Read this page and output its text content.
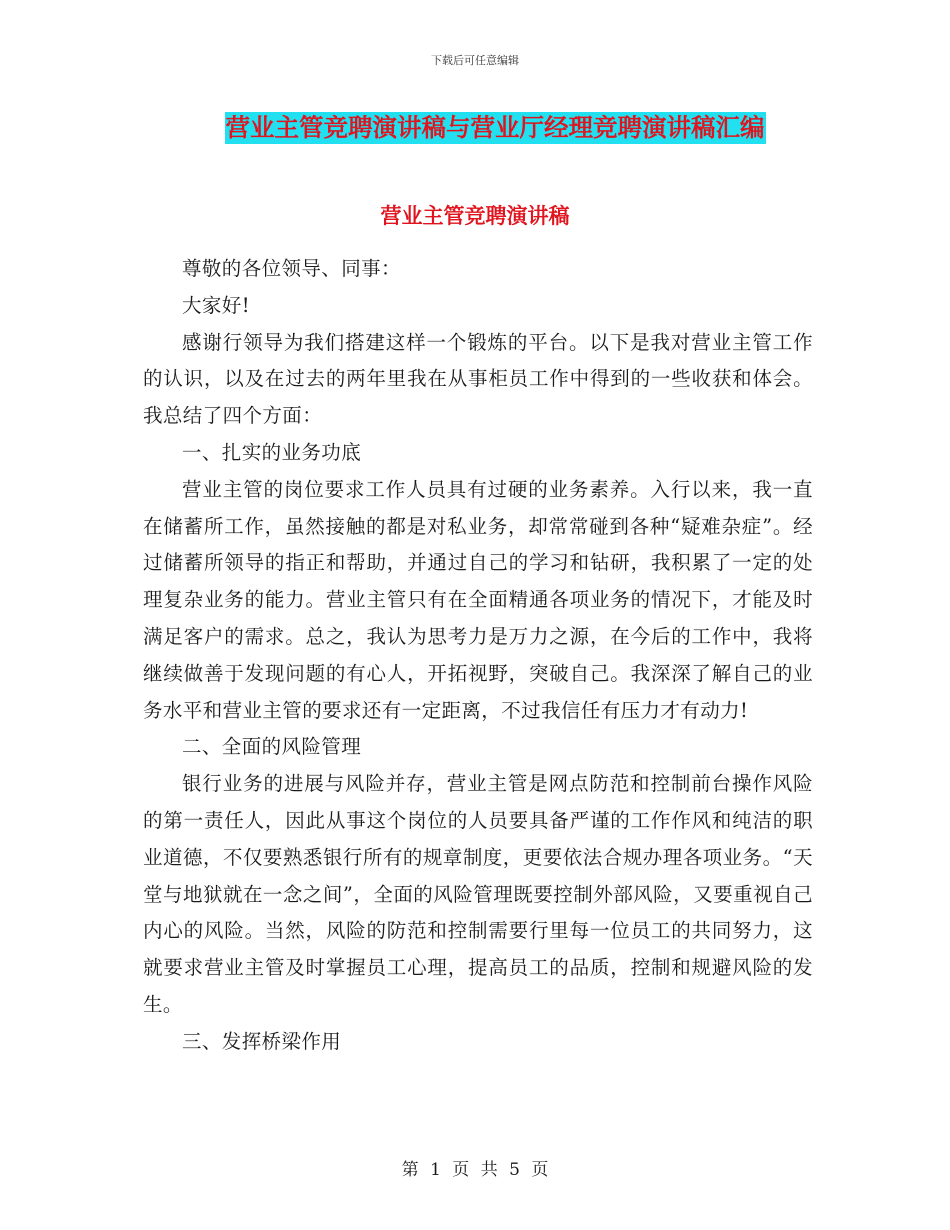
下载后可任意编辑
营业主管竞聘演讲稿与营业厅经理竞聘演讲稿汇编
营业主管竞聘演讲稿

尊敬的各位领导、同事：

大家好!

感谢行领导为我们搭建这样一个锻炼的平台。以下是我对营业主管工作的认识，以及在过去的两年里我在从事柜员工作中得到的一些收获和体会。我总结了四个方面：

一、扎实的业务功底

营业主管的岗位要求工作人员具有过硬的业务素养。入行以来，我一直在储蓄所工作，虽然接触的都是对私业务，却常常碰到各种“疑难杂症”。经过储蓄所领导的指正和帮助，并通过自己的学习和钻研，我积累了一定的处理复杂业务的能力。营业主管只有在全面精通各项业务的情况下，才能及时满足客户的需求。总之，我认为思考力是万力之源，在今后的工作中，我将继续做善于发现问题的有心人，开拓视野，突破自己。我深深了解自己的业务水平和营业主管的要求还有一定距离，不过我信任有压力才有动力!

二、全面的风险管理

银行业务的进展与风险并存，营业主管是网点防范和控制前台操作风险的第一责任人，因此从事这个岗位的人员要具备严谨的工作作风和纯洁的职业道德，不仅要熟悉银行所有的规章制度，更要依法合规办理各项业务。“天堂与地狱就在一念之间”，全面的风险管理既要控制外部风险，又要重视自己内心的风险。当然，风险的防范和控制需要行里每一位员工的共同努力，这就要求营业主管及时掌握员工心理，提高员工的品质，控制和规避风险的发生。

三、发挥桥梁作用

第 1 页 共 5 页
